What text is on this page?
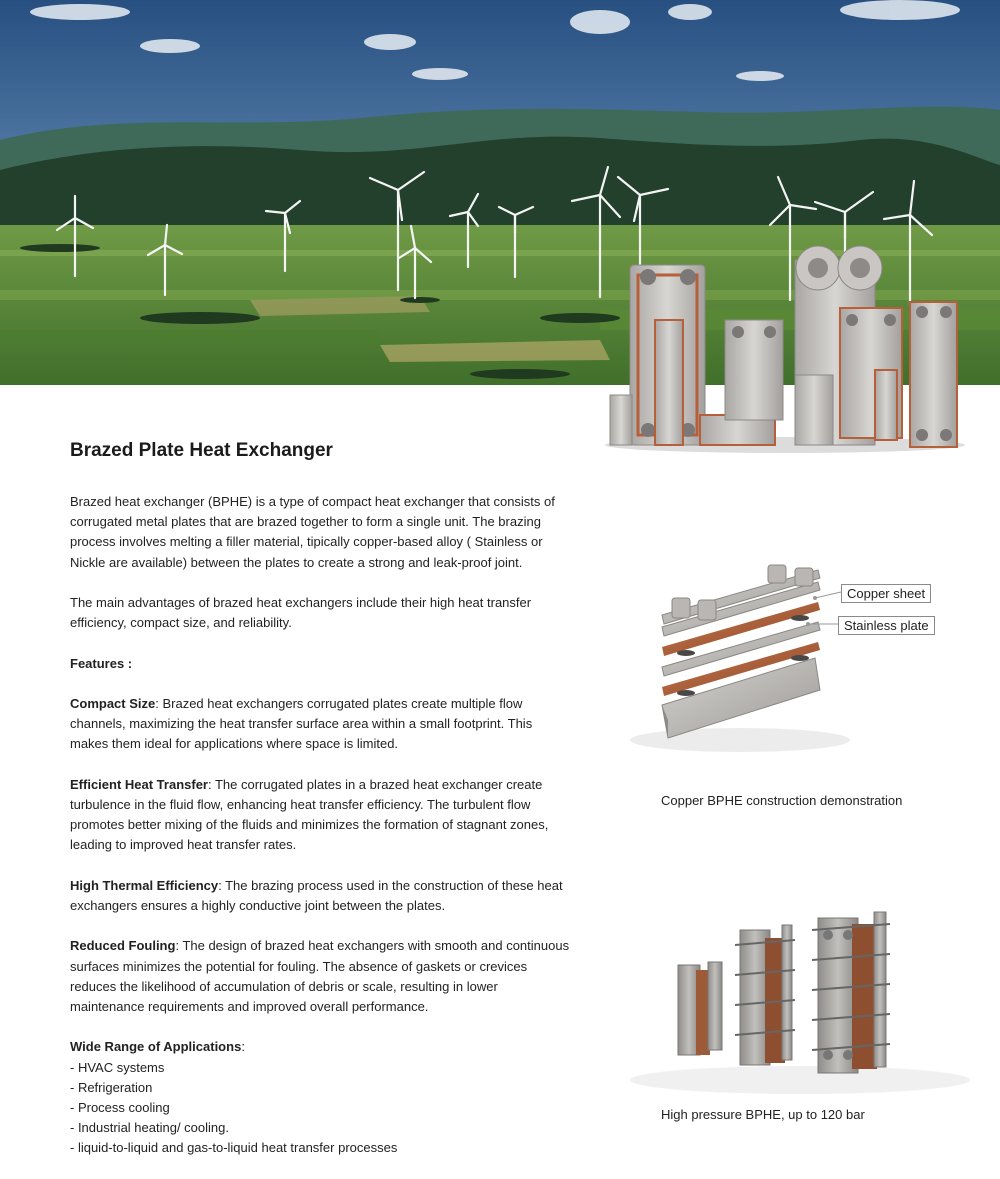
Brazed Plate Heat Exchanger

Brazed heat exchanger (BPHE) is a type of compact heat exchanger that consists of corrugated metal plates that are brazed together to form a single unit. The brazing process involves melting a filler material, tipically copper-based alloy ( Stainless or Nickle are available) between the plates to create a strong and leak-proof joint.

The main advantages of brazed heat exchangers include their high heat transfer efficiency, compact size, and reliability.

Features :

Compact Size: Brazed heat exchangers corrugated plates create multiple flow channels, maximizing the heat transfer surface area within a small footprint. This makes them ideal for applications where space is limited.

Efficient Heat Transfer: The corrugated plates in a brazed heat exchanger create turbulence in the fluid flow, enhancing heat transfer efficiency. The turbulent flow promotes better mixing of the fluids and minimizes the formation of stagnant zones, leading to improved heat transfer rates.

High Thermal Efficiency: The brazing process used in the construction of these heat exchangers ensures a highly conductive joint between the plates.

Reduced Fouling: The design of brazed heat exchangers with smooth and continuous surfaces minimizes the potential for fouling. The absence of gaskets or crevices reduces the likelihood of accumulation of debris or scale, resulting in lower maintenance requirements and improved overall performance.

Wide Range of Applications:
- HVAC systems
- Refrigeration
- Process cooling
- Industrial heating/ cooling.
- liquid-to-liquid and gas-to-liquid heat transfer processes
Copper sheet
Stainless plate
Copper BPHE construction demonstration
High pressure BPHE, up to 120 bar
